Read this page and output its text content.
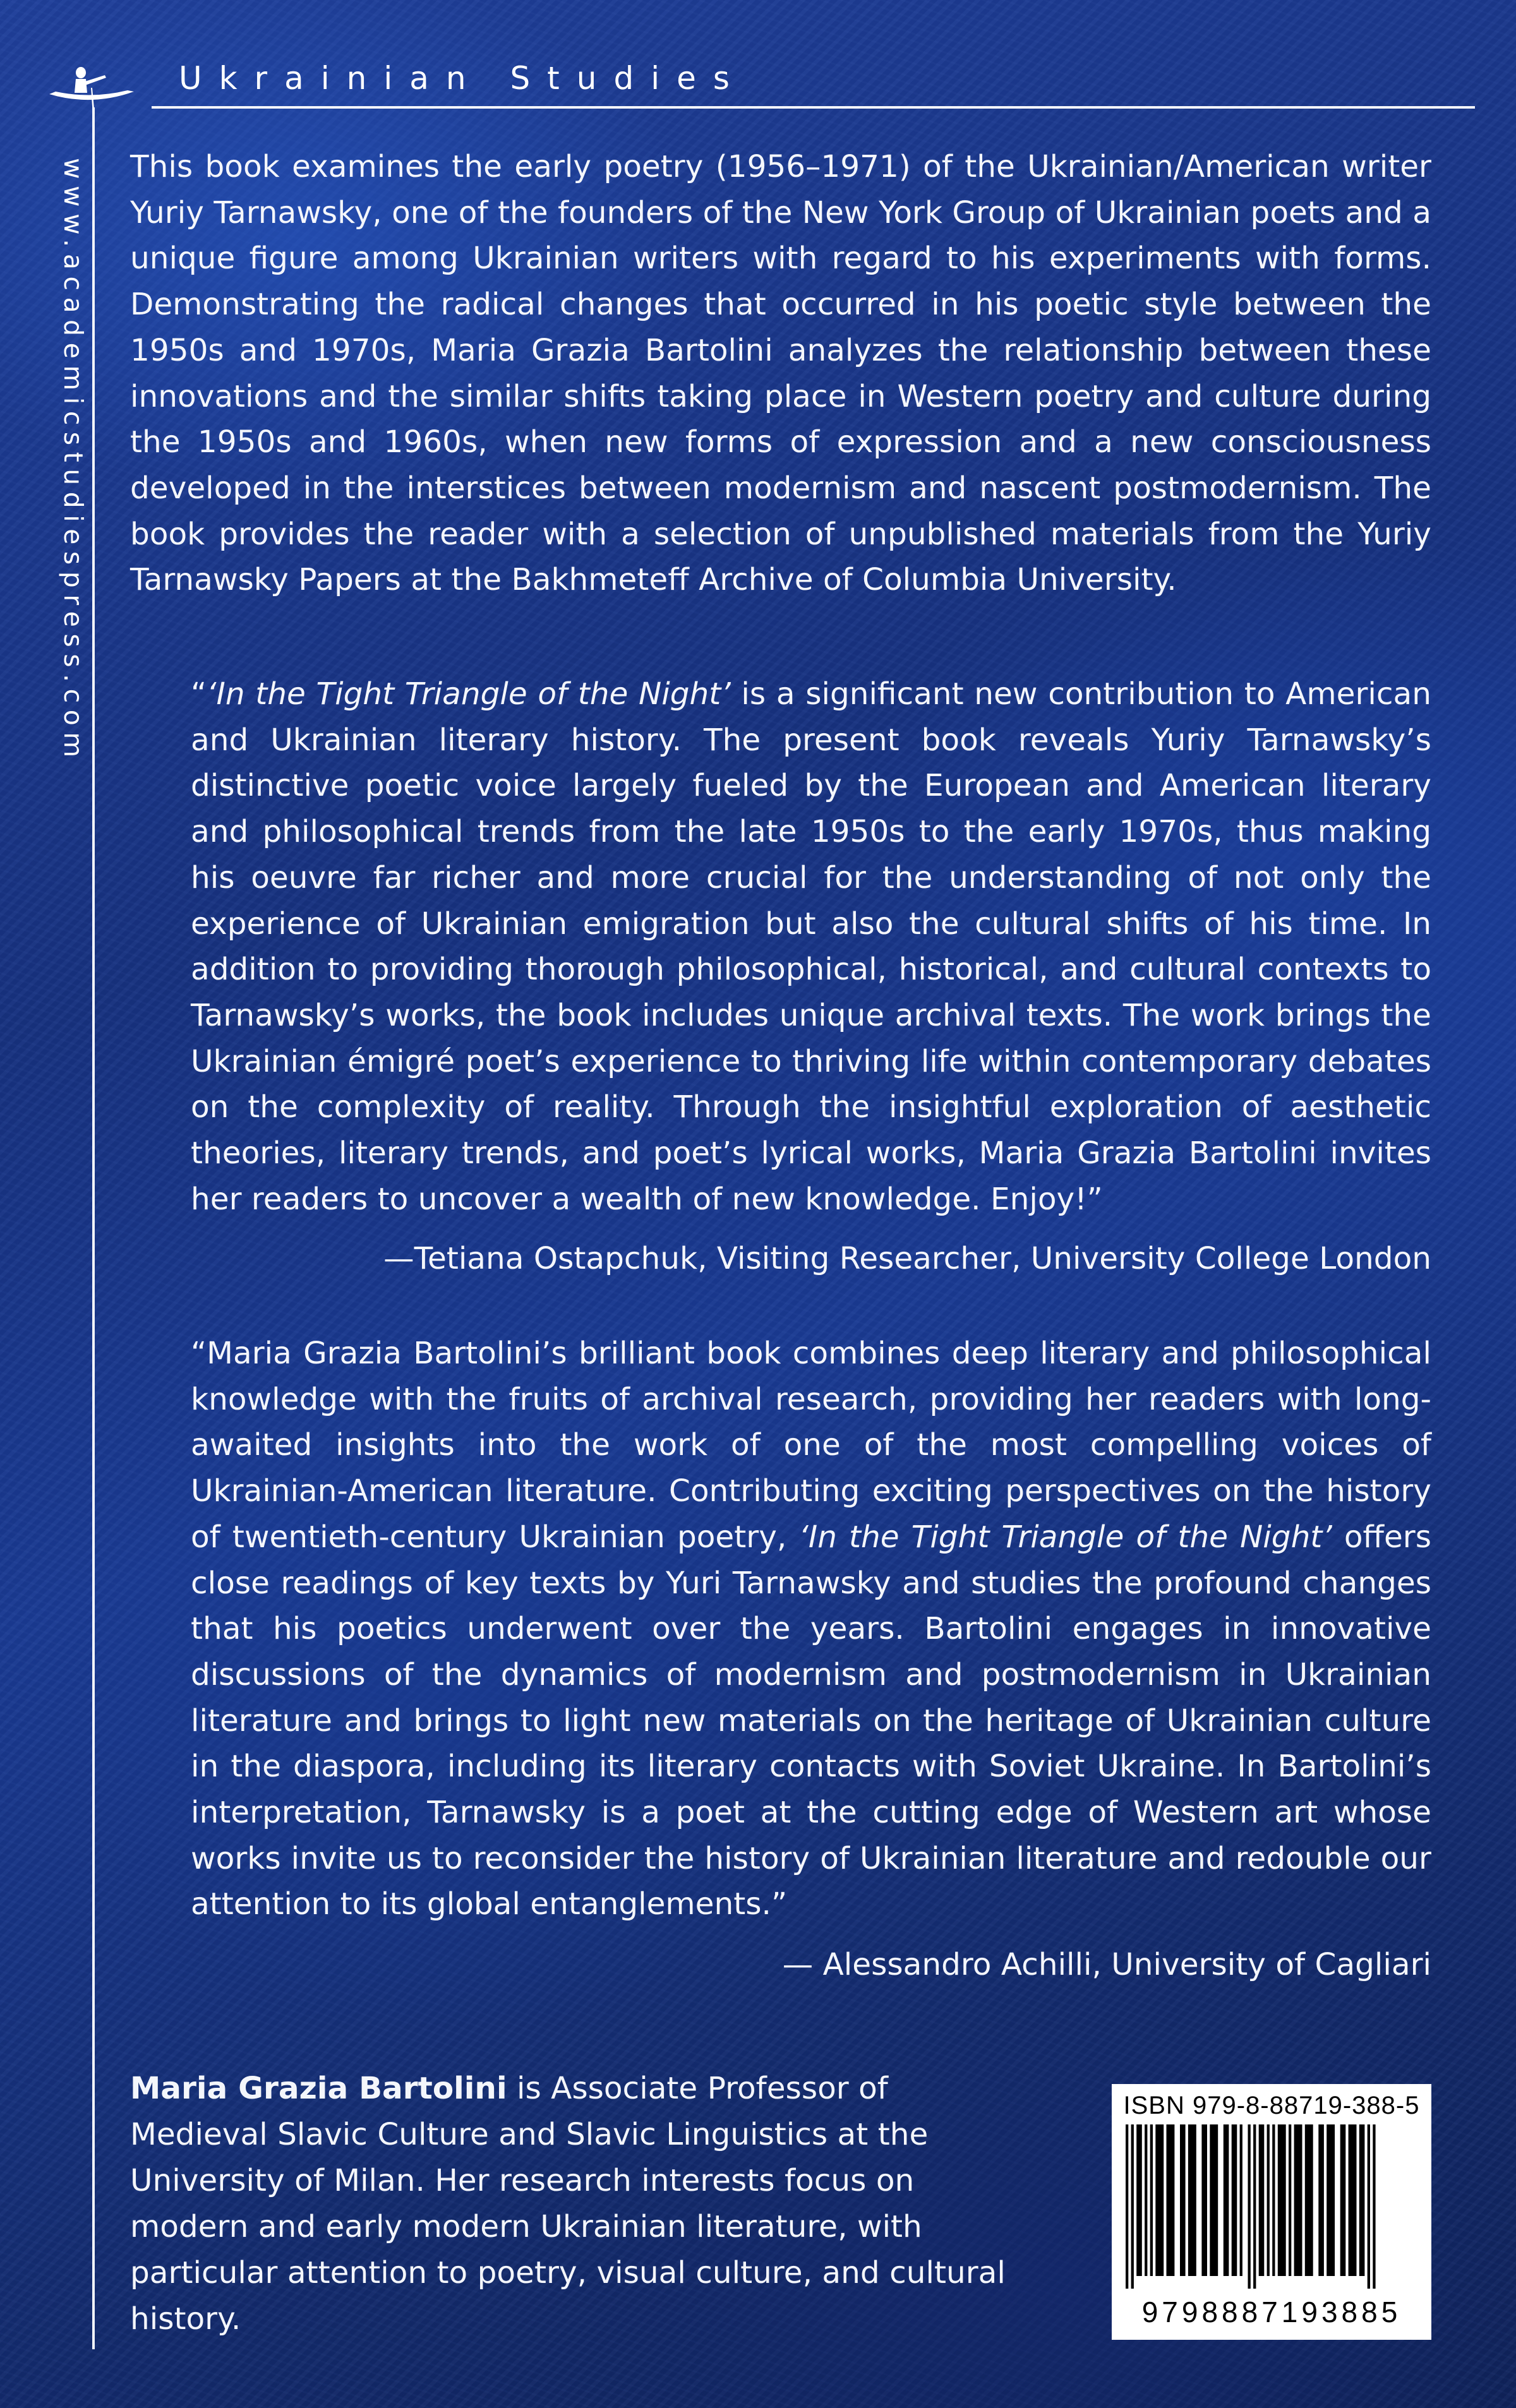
Ukrainian Studies
www.academicstudiespress.com This book examines the early poetry (1956–1971) of the Ukrainian/American writer Yuriy Tarnawsky, one of the founders of the New York Group of Ukrainian poets and a unique figure among Ukrainian writers with regard to his experiments with forms. Demonstrating the radical changes that occurred in his poetic style between the 1950s and 1970s, Maria Grazia Bartolini analyzes the relationship between these innovations and the similar shifts taking place in Western poetry and culture during the 1950s and 1960s, when new forms of expression and a new consciousness developed in the interstices between modernism and nascent postmodernism. The book provides the reader with a selection of unpublished materials from the Yuriy Tarnawsky Papers at the Bakhmeteff Archive of Columbia University.

“‘In the Tight Triangle of the Night’ is a significant new contribution to American and Ukrainian literary history. The present book reveals Yuriy Tarnawsky’s distinctive poetic voice largely fueled by the European and American literary and philosophical trends from the late 1950s to the early 1970s, thus making his oeuvre far richer and more crucial for the understanding of not only the experience of Ukrainian emigration but also the cultural shifts of his time. In addition to providing thorough philosophical, historical, and cultural contexts to Tarnawsky’s works, the book includes unique archival texts. The work brings the Ukrainian émigré poet’s experience to thriving life within contemporary debates on the complexity of reality. Through the insightful exploration of aesthetic theories, literary trends, and poet’s lyrical works, Maria Grazia Bartolini invites her readers to uncover a wealth of new knowledge. Enjoy!”

—Tetiana Ostapchuk, Visiting Researcher, University College London

“Maria Grazia Bartolini’s brilliant book combines deep literary and philosophical knowledge with the fruits of archival research, providing her readers with long-awaited insights into the work of one of the most compelling voices of Ukrainian-American literature. Contributing exciting perspectives on the history of twentieth-century Ukrainian poetry, ‘In the Tight Triangle of the Night’ offers close readings of key texts by Yuri Tarnawsky and studies the profound changes that his poetics underwent over the years. Bartolini engages in innovative discussions of the dynamics of modernism and postmodernism in Ukrainian literature and brings to light new materials on the heritage of Ukrainian culture in the diaspora, including its literary contacts with Soviet Ukraine. In Bartolini’s interpretation, Tarnawsky is a poet at the cutting edge of Western art whose works invite us to reconsider the history of Ukrainian literature and redouble our attention to its global entanglements.”

— Alessandro Achilli, University of Cagliari

Maria Grazia Bartolini is Associate Professor of Medieval Slavic Culture and Slavic Linguistics at the University of Milan. Her research interests focus on modern and early modern Ukrainian literature, with particular attention to poetry, visual culture, and cultural history.

ISBN 979-8-88719-388-5
9798887193885
